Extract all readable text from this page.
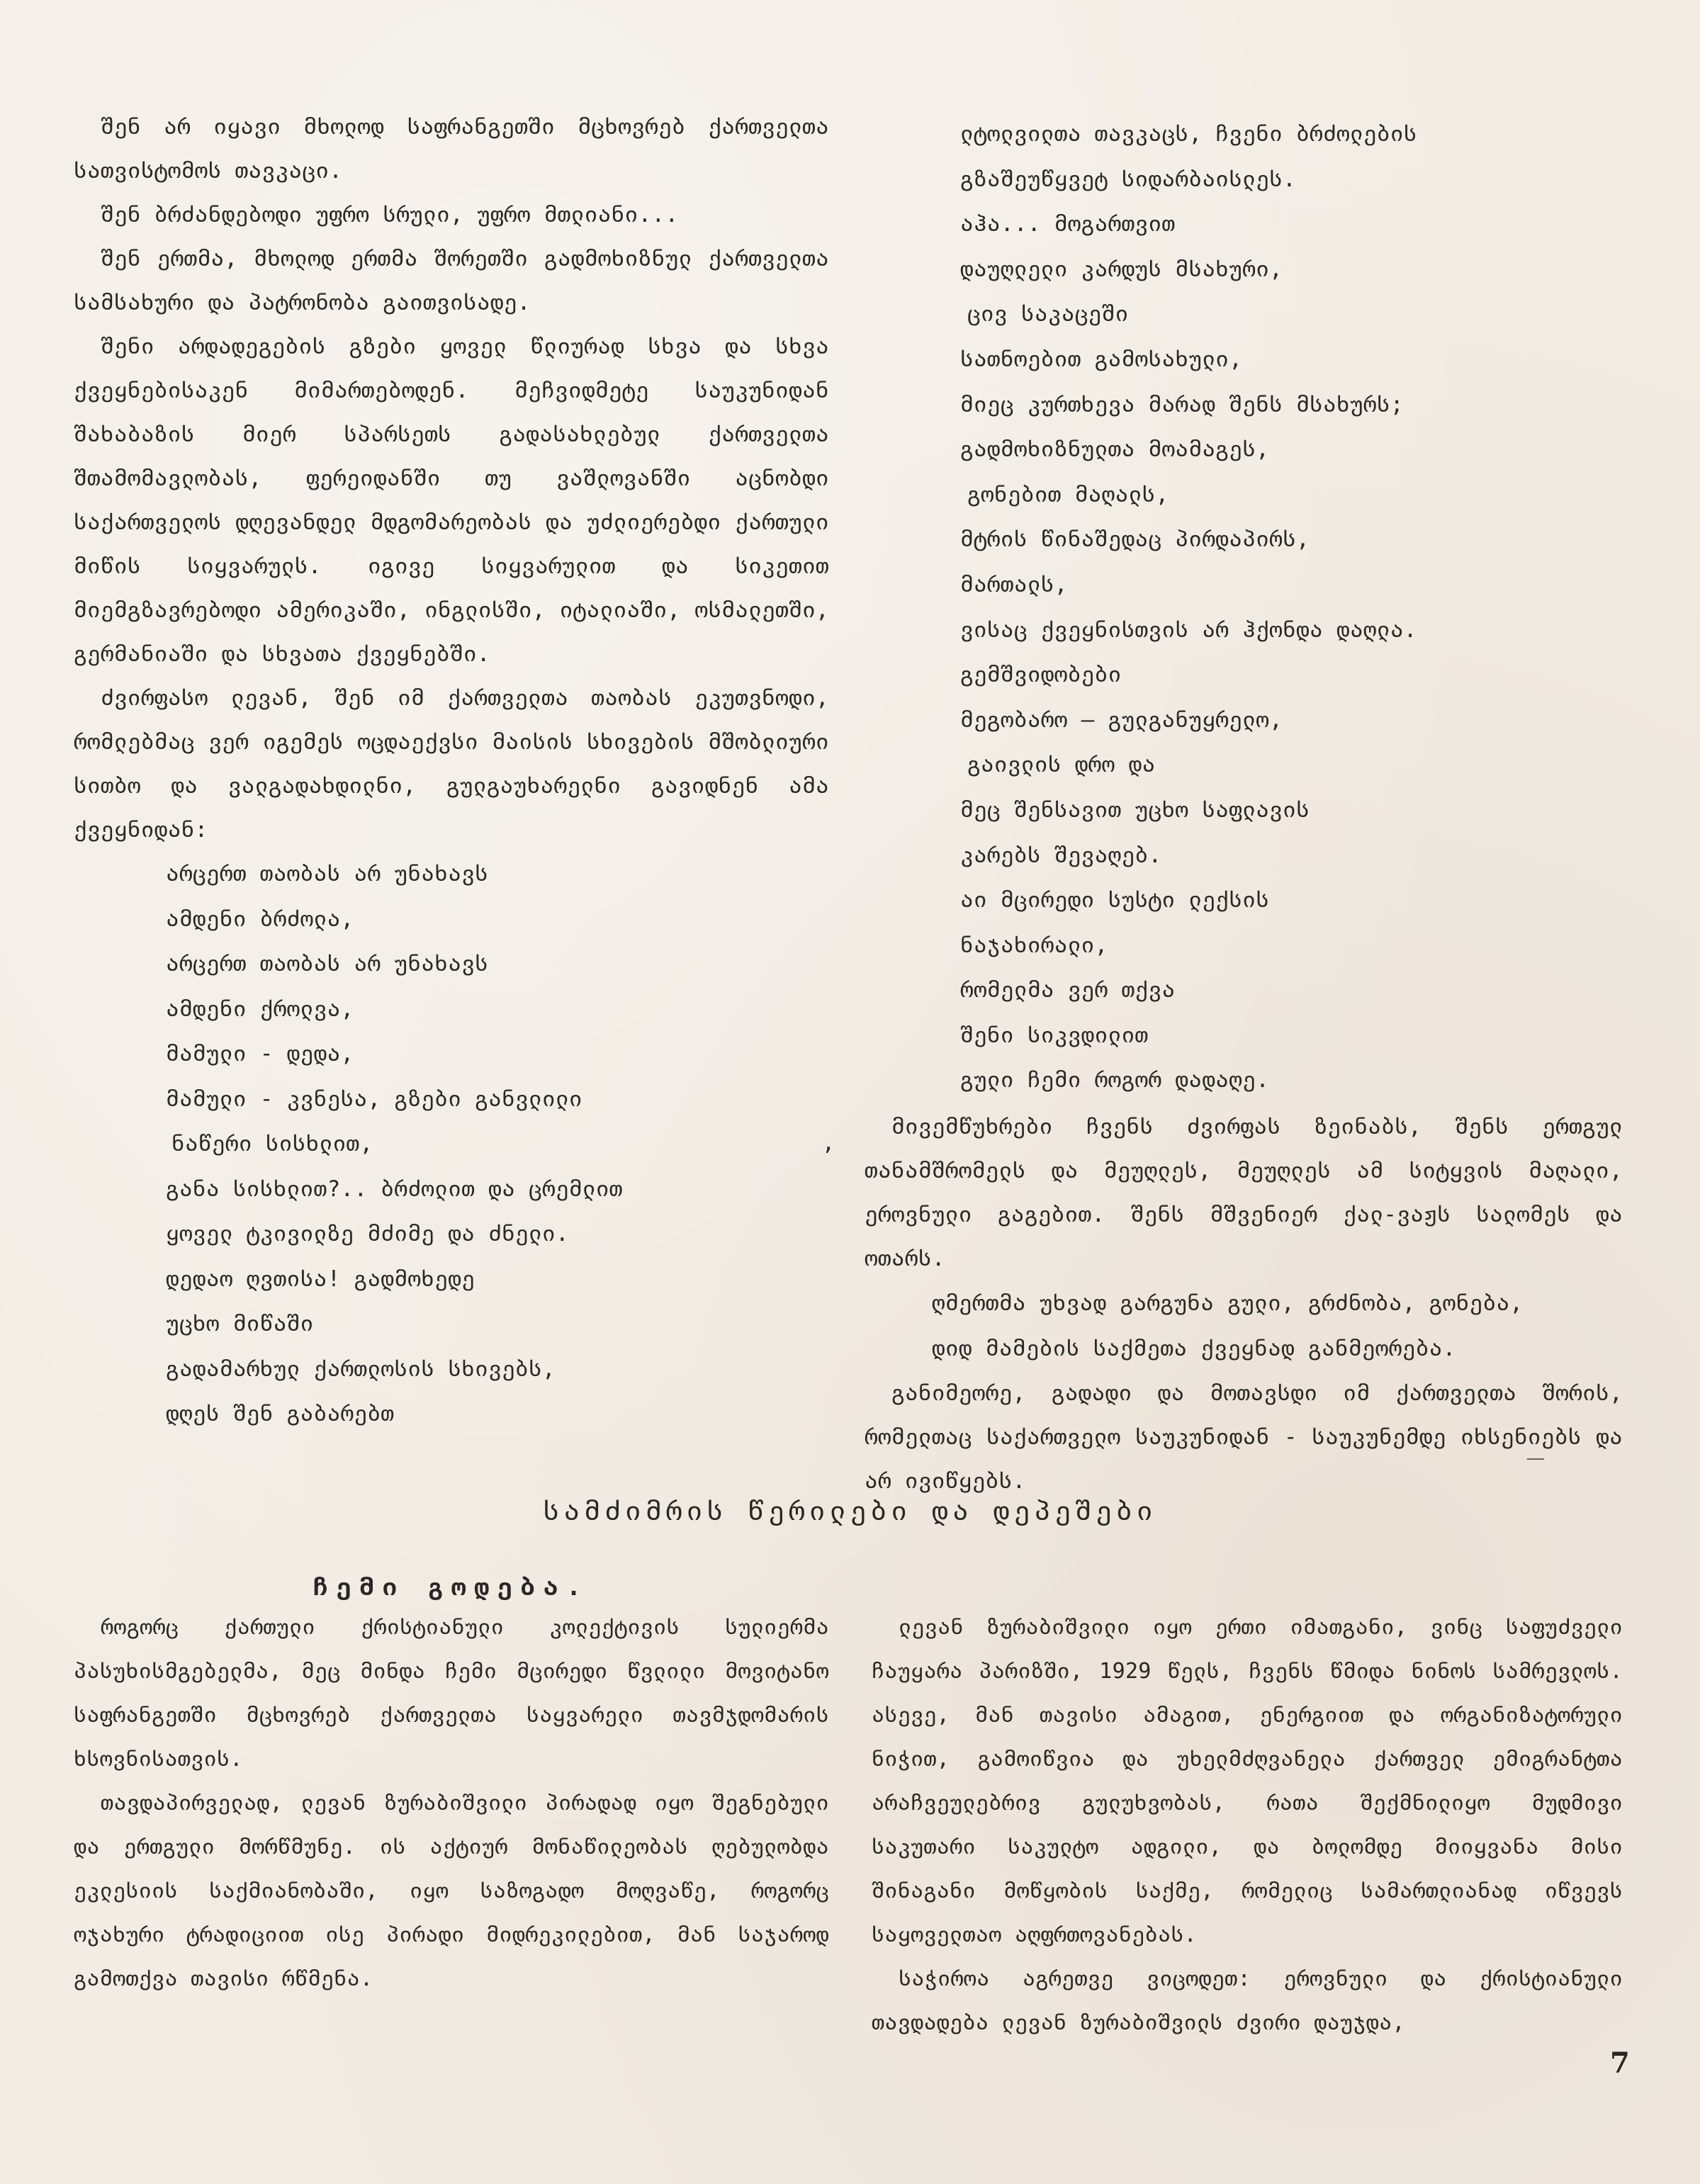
შენ არ იყავი მხოლოდ საფრანგეთში მცხოვრებ ქართველთა სათვისტომოს თავკაცი.

შენ ბრძანდებოდი უფრო სრული, უფრო მთლიანი...

შენ ერთმა, მხოლოდ ერთმა შორეთში გადმოხიზნულ ქართველთა სამსახური და პატრონობა გაითვისადე.

შენი არდადეგების გზები ყოველ წლიურად სხვა და სხვა ქვეყნებისაკენ მიმართებოდენ. მეჩვიდმეტე საუკუნიდან შახაბაზის მიერ სპარსეთს გადასახლებულ ქართველთა შთამომავლობას, ფერეიდანში თუ ვაშლოვანში აცნობდი საქართველოს დღევანდელ მდგომარეობას და უძლიერებდი ქართული მიწის სიყვარულს. იგივე სიყვარულით და სიკეთით მიემგზავრებოდი ამერიკაში, ინგლისში, იტალიაში, ოსმალეთში, გერმანიაში და სხვათა ქვეყნებში.

ძვირფასო ლევან, შენ იმ ქართველთა თაობას ეკუთვნოდი, რომლებმაც ვერ იგემეს ოცდაექვსი მაისის სხივების მშობლიური სითბო და ვალგადახდილნი, გულგაუხარელნი გავიდნენ ამა ქვეყნიდან:

არცერთ თაობას არ უნახავს
ამდენი ბრძოლა,
არცერთ თაობას არ უნახავს
ამდენი ქროლვა,
მამული - დედა,
მამული - კვნესა, გზები განვლილი
ნაწერი სისხლით,
განა სისხლით?.. ბრძოლით და ცრემლით
ყოველ ტკივილზე მძიმე და ძნელი.
დედაო ღვთისა! გადმოხედე
უცხო მიწაში
გადამარხულ ქართლოსის სხივებს,
დღეს შენ გაბარებთ
,
ლტოლვილთა თავკაცს, ჩვენი ბრძოლების
გზაშეუწყვეტ სიდარბაისლეს.
აჰა... მოგართვით
დაუღლელი კარდუს მსახური,
ცივ საკაცეში
სათნოებით გამოსახული,
მიეც კურთხევა მარად შენს მსახურს;
გადმოხიზნულთა მოამაგეს,
გონებით მაღალს,
მტრის წინაშედაც პირდაპირს,
მართალს,
ვისაც ქვეყნისთვის არ ჰქონდა დაღლა.
გემშვიდობები
მეგობარო — გულგანუყრელო,
გაივლის დრო და
მეც შენსავით უცხო საფლავის
კარებს შევაღებ.
აი მცირედი სუსტი ლექსის
ნაჯახირალი,
რომელმა ვერ თქვა
შენი სიკვდილით
გული ჩემი როგორ დადაღე.

მივემწუხრები ჩვენს ძვირფას ზეინაბს, შენს ერთგულ თანამშრომელს და მეუღლეს, მეუღლეს ამ სიტყვის მაღალი, ეროვნული გაგებით. შენს მშვენიერ ქალ-ვაჟს სალომეს და ოთარს.

ღმერთმა უხვად გარგუნა გული, გრძნობა, გონება,
დიდ მამების საქმეთა ქვეყნად განმეორება.

განიმეორე, გადადი და მოთავსდი იმ ქართველთა შორის, რომელთაც საქართველო საუკუნიდან - საუკუნემდე იხსენიებს და არ ივიწყებს.

სამძიმრის წერილები და დეპეშები
ჩემი გოდება.

როგორც ქართული ქრისტიანული კოლექტივის სულიერმა პასუხისმგებელმა, მეც მინდა ჩემი მცირედი წვლილი მოვიტანო საფრანგეთში მცხოვრებ ქართველთა საყვარელი თავმჯდომარის ხსოვნისათვის.

თავდაპირველად, ლევან ზურაბიშვილი პირადად იყო შეგნებული და ერთგული მორწმუნე. ის აქტიურ მონაწილეობას ღებულობდა ეკლესიის საქმიანობაში, იყო საზოგადო მოღვაწე, როგორც ოჯახური ტრადიციით ისე პირადი მიდრეკილებით, მან საჯაროდ გამოთქვა თავისი რწმენა.

ლევან ზურაბიშვილი იყო ერთი იმათგანი, ვინც საფუძველი ჩაუყარა პარიზში, 1929 წელს, ჩვენს წმიდა ნინოს სამრევლოს. ასევე, მან თავისი ამაგით, ენერგიით და ორგანიზატორული ნიჭით, გამოიწვია და უხელმძღვანელა ქართველ ემიგრანტთა არაჩვეულებრივ გულუხვობას, რათა შექმნილიყო მუდმივი საკუთარი საკულტო ადგილი, და ბოლომდე მიიყვანა მისი შინაგანი მოწყობის საქმე, რომელიც სამართლიანად იწვევს საყოველთაო აღფრთოვანებას.

საჭიროა აგრეთვე ვიცოდეთ: ეროვნული და ქრისტიანული თავდადება ლევან ზურაბიშვილს ძვირი დაუჯდა,

7
